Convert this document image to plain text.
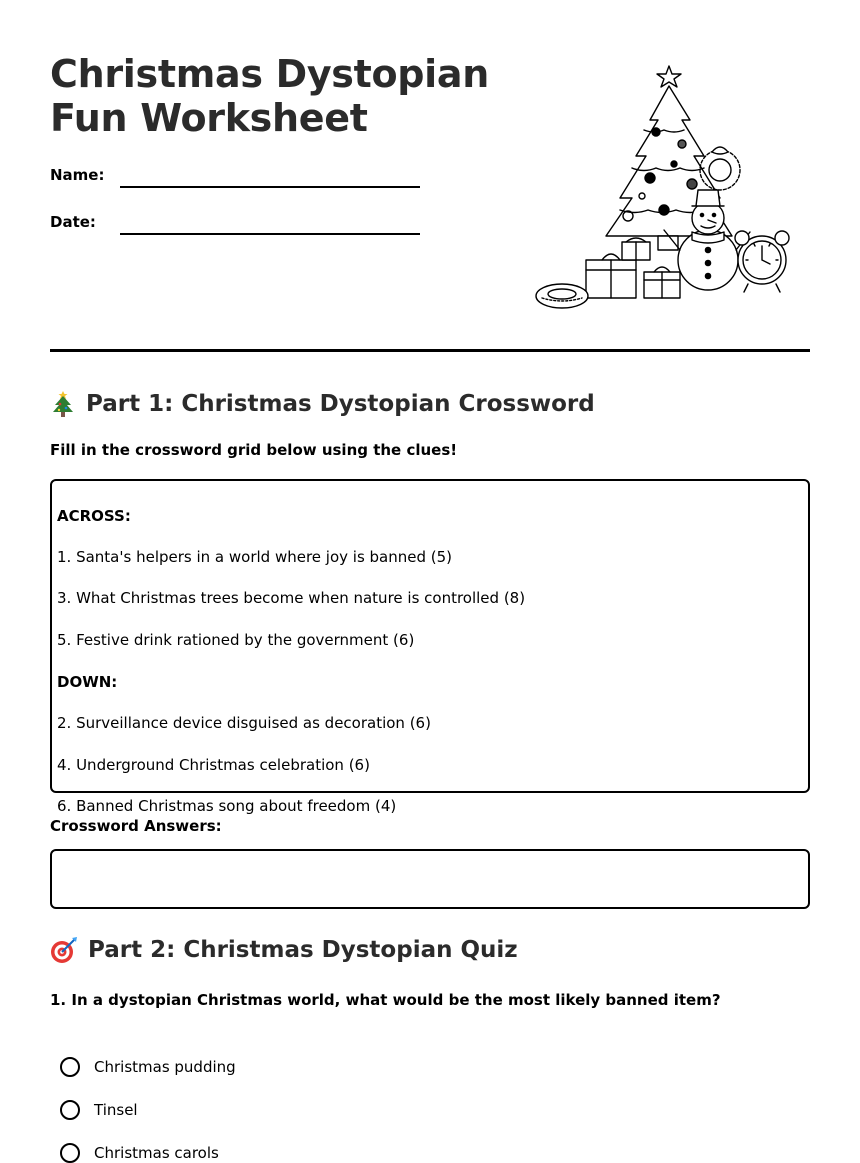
Christmas Dystopian
Fun Worksheet
Name:
Date:
Part 1: Christmas Dystopian Crossword
Fill in the crossword grid below using the clues!
ACROSS:
1. Santa's helpers in a world where joy is banned (5)
3. What Christmas trees become when nature is controlled (8)
5. Festive drink rationed by the government (6)
DOWN:
2. Surveillance device disguised as decoration (6)
4. Underground Christmas celebration (6)
6. Banned Christmas song about freedom (4)
Crossword Answers:
Part 2: Christmas Dystopian Quiz
1. In a dystopian Christmas world, what would be the most likely banned item?
Christmas pudding
Tinsel
Christmas carols
